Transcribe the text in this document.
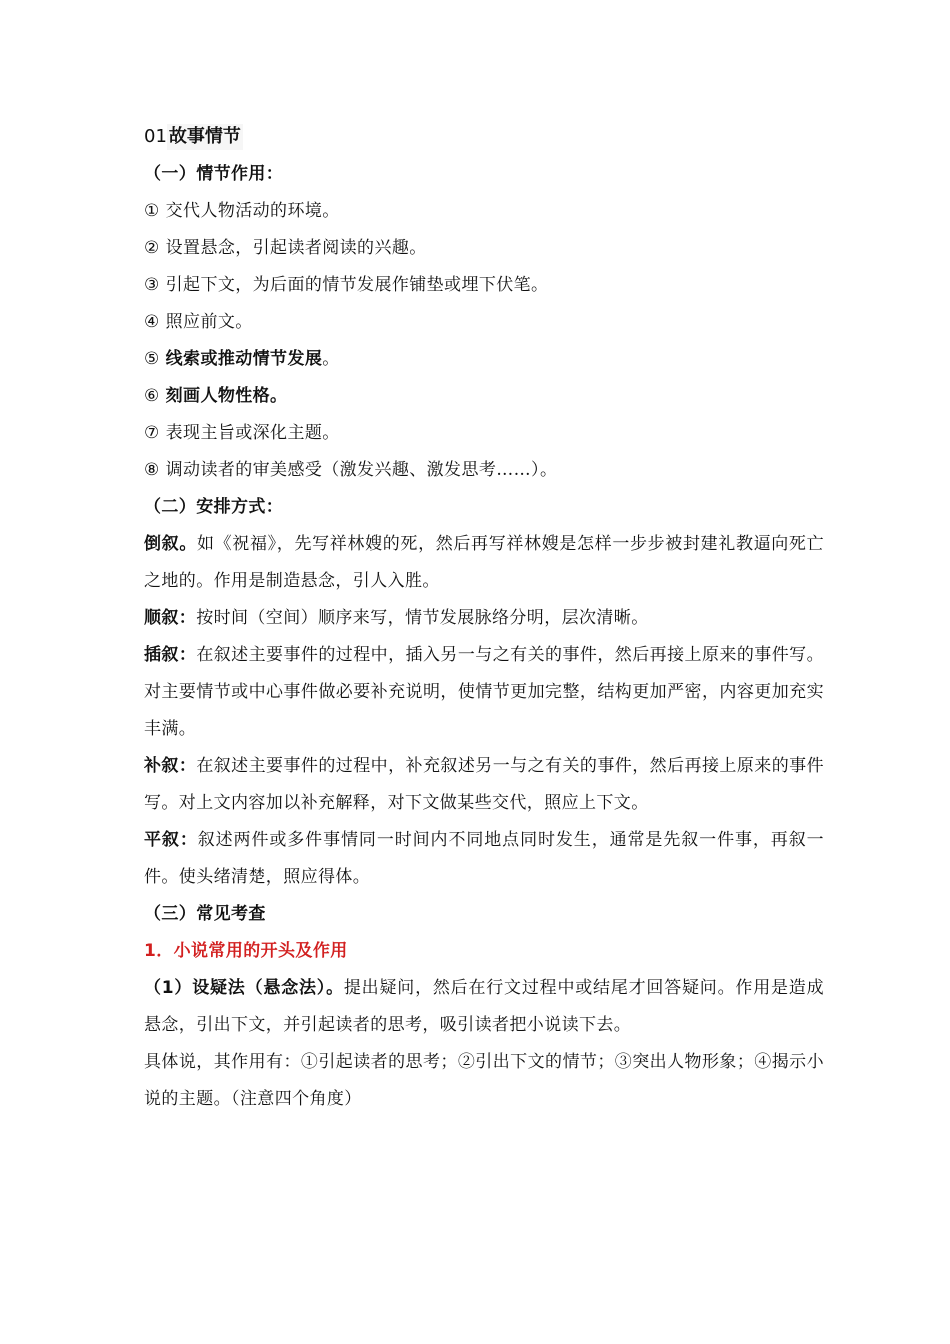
01 故事情节
（一）情节作用：
① 交代人物活动的环境。
② 设置悬念，引起读者阅读的兴趣。
③ 引起下文，为后面的情节发展作铺垫或埋下伏笔。
④ 照应前文。
⑤ 线索或推动情节发展。
⑥ 刻画人物性格。
⑦ 表现主旨或深化主题。
⑧ 调动读者的审美感受（激发兴趣、激发思考……）。
（二）安排方式：
倒叙。如《祝福》，先写祥林嫂的死，然后再写祥林嫂是怎样一步步被封建礼教逼向死亡之地的。作用是制造悬念，引人入胜。
顺叙：按时间（空间）顺序来写，情节发展脉络分明，层次清晰。
插叙：在叙述主要事件的过程中，插入另一与之有关的事件，然后再接上原来的事件写。对主要情节或中心事件做必要补充说明，使情节更加完整，结构更加严密，内容更加充实丰满。
补叙：在叙述主要事件的过程中，补充叙述另一与之有关的事件，然后再接上原来的事件写。对上文内容加以补充解释，对下文做某些交代，照应上下文。
平叙：叙述两件或多件事情同一时间内不同地点同时发生，通常是先叙一件事，再叙一件。使头绪清楚，照应得体。
（三）常见考查
1．小说常用的开头及作用
（1）设疑法（悬念法）。提出疑问，然后在行文过程中或结尾才回答疑问。作用是造成悬念，引出下文，并引起读者的思考，吸引读者把小说读下去。
具体说，其作用有：①引起读者的思考；②引出下文的情节；③突出人物形象；④揭示小说的主题。（注意四个角度）
